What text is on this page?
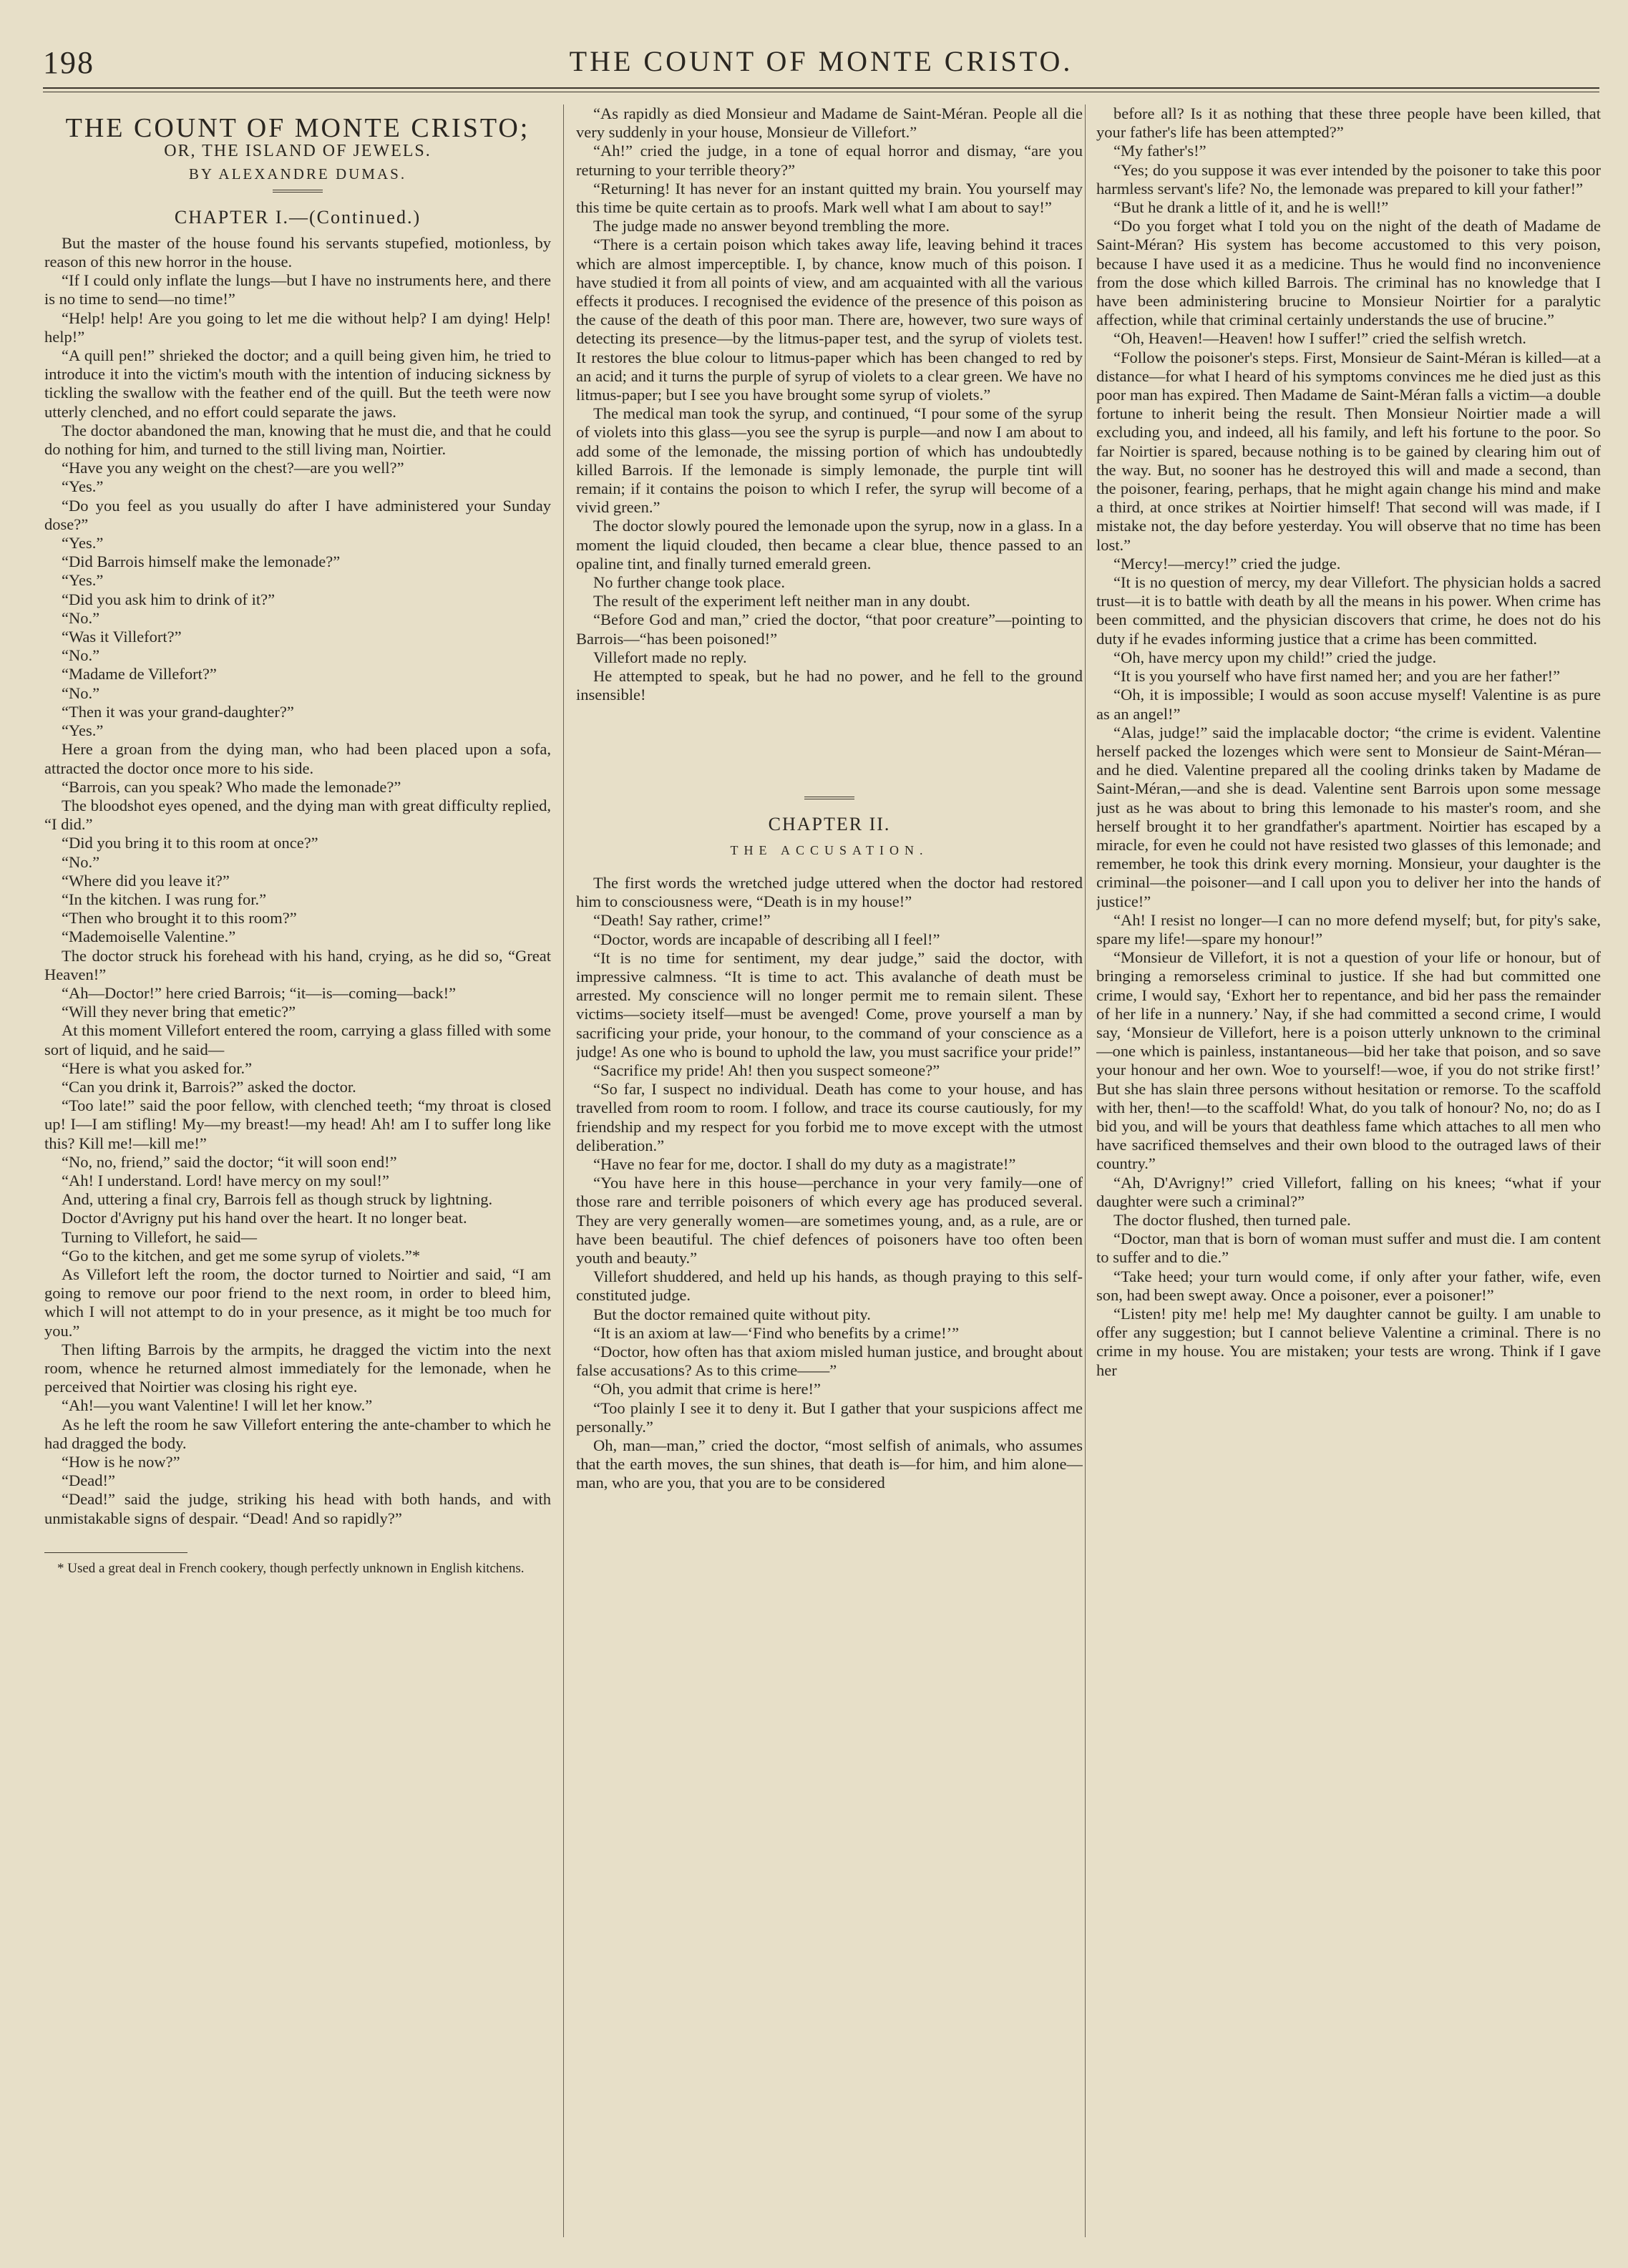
198	THE COUNT OF MONTE CRISTO.
THE COUNT OF MONTE CRISTO;
OR, THE ISLAND OF JEWELS.
BY ALEXANDRE DUMAS.
CHAPTER I.—(Continued.)

But the master of the house found his servants stupefied, motionless, by reason of this new horror in the house.

“If I could only inflate the lungs—but I have no instruments here, and there is no time to send—no time!”

“Help! help! Are you going to let me die without help? I am dying! Help! help!”

“A quill pen!” shrieked the doctor; and a quill being given him, he tried to introduce it into the victim's mouth with the intention of inducing sickness by tickling the swallow with the feather end of the quill. But the teeth were now utterly clenched, and no effort could separate the jaws.

The doctor abandoned the man, knowing that he must die, and that he could do nothing for him, and turned to the still living man, Noirtier.

“Have you any weight on the chest?—are you well?”

“Yes.”

“Do you feel as you usually do after I have administered your Sunday dose?”

“Yes.”

“Did Barrois himself make the lemonade?”

“Yes.”

“Did you ask him to drink of it?”

“No.”

“Was it Villefort?”

“No.”

“Madame de Villefort?”

“No.”

“Then it was your grand-daughter?”

“Yes.”

Here a groan from the dying man, who had been placed upon a sofa, attracted the doctor once more to his side.

“Barrois, can you speak? Who made the lemonade?”

The bloodshot eyes opened, and the dying man with great difficulty replied, “I did.”

“Did you bring it to this room at once?”

“No.”

“Where did you leave it?”

“In the kitchen. I was rung for.”

“Then who brought it to this room?”

“Mademoiselle Valentine.”

The doctor struck his forehead with his hand, crying, as he did so, “Great Heaven!”

“Ah—Doctor!” here cried Barrois; “it—is—coming—back!”

“Will they never bring that emetic?”

At this moment Villefort entered the room, carrying a glass filled with some sort of liquid, and he said—

“Here is what you asked for.”

“Can you drink it, Barrois?” asked the doctor.

“Too late!” said the poor fellow, with clenched teeth; “my throat is closed up! I—I am stifling! My—my breast!—my head! Ah! am I to suffer long like this? Kill me!—kill me!”

“No, no, friend,” said the doctor; “it will soon end!”

“Ah! I understand. Lord! have mercy on my soul!”

And, uttering a final cry, Barrois fell as though struck by lightning.

Doctor d'Avrigny put his hand over the heart. It no longer beat.

Turning to Villefort, he said—

“Go to the kitchen, and get me some syrup of violets.”*

As Villefort left the room, the doctor turned to Noirtier and said, “I am going to remove our poor friend to the next room, in order to bleed him, which I will not attempt to do in your presence, as it might be too much for you.”

Then lifting Barrois by the armpits, he dragged the victim into the next room, whence he returned almost immediately for the lemonade, when he perceived that Noirtier was closing his right eye.

“Ah!—you want Valentine! I will let her know.”

As he left the room he saw Villefort entering the ante-chamber to which he had dragged the body.

“How is he now?”

“Dead!”

“Dead!” said the judge, striking his head with both hands, and with unmistakable signs of despair. “Dead! And so rapidly?”

* Used a great deal in French cookery, though perfectly unknown in English kitchens.

“As rapidly as died Monsieur and Madame de Saint-Méran. People all die very suddenly in your house, Monsieur de Villefort.”

“Ah!” cried the judge, in a tone of equal horror and dismay, “are you returning to your terrible theory?”

“Returning! It has never for an instant quitted my brain. You yourself may this time be quite certain as to proofs. Mark well what I am about to say!”

The judge made no answer beyond trembling the more.

“There is a certain poison which takes away life, leaving behind it traces which are almost imperceptible. I, by chance, know much of this poison. I have studied it from all points of view, and am acquainted with all the various effects it produces. I recognised the evidence of the presence of this poison as the cause of the death of this poor man. There are, however, two sure ways of detecting its presence—by the litmus-paper test, and the syrup of violets test. It restores the blue colour to litmus-paper which has been changed to red by an acid; and it turns the purple of syrup of violets to a clear green. We have no litmus-paper; but I see you have brought some syrup of violets.”

The medical man took the syrup, and continued, “I pour some of the syrup of violets into this glass—you see the syrup is purple—and now I am about to add some of the lemonade, the missing portion of which has undoubtedly killed Barrois. If the lemonade is simply lemonade, the purple tint will remain; if it contains the poison to which I refer, the syrup will become of a vivid green.”

The doctor slowly poured the lemonade upon the syrup, now in a glass. In a moment the liquid clouded, then became a clear blue, thence passed to an opaline tint, and finally turned emerald green.

No further change took place.

The result of the experiment left neither man in any doubt.

“Before God and man,” cried the doctor, “that poor creature”—pointing to Barrois—“has been poisoned!”

Villefort made no reply.

He attempted to speak, but he had no power, and he fell to the ground insensible!

CHAPTER II.
THE ACCUSATION.

The first words the wretched judge uttered when the doctor had restored him to consciousness were, “Death is in my house!”

“Death! Say rather, crime!”

“Doctor, words are incapable of describing all I feel!”

“It is no time for sentiment, my dear judge,” said the doctor, with impressive calmness. “It is time to act. This avalanche of death must be arrested. My conscience will no longer permit me to remain silent. These victims—society itself—must be avenged! Come, prove yourself a man by sacrificing your pride, your honour, to the command of your conscience as a judge! As one who is bound to uphold the law, you must sacrifice your pride!”

“Sacrifice my pride! Ah! then you suspect someone?”

“So far, I suspect no individual. Death has come to your house, and has travelled from room to room. I follow, and trace its course cautiously, for my friendship and my respect for you forbid me to move except with the utmost deliberation.”

“Have no fear for me, doctor. I shall do my duty as a magistrate!”

“You have here in this house—perchance in your very family—one of those rare and terrible poisoners of which every age has produced several. They are very generally women—are sometimes young, and, as a rule, are or have been beautiful. The chief defences of poisoners have too often been youth and beauty.”

Villefort shuddered, and held up his hands, as though praying to this self-constituted judge.

But the doctor remained quite without pity.

“It is an axiom at law—‘Find who benefits by a crime!’”

“Doctor, how often has that axiom misled human justice, and brought about false accusations? As to this crime——”

“Oh, you admit that crime is here!”

“Too plainly I see it to deny it. But I gather that your suspicions affect me personally.”

Oh, man—man,” cried the doctor, “most selfish of animals, who assumes that the earth moves, the sun shines, that death is—for him, and him alone—man, who are you, that you are to be considered

before all? Is it as nothing that these three people have been killed, that your father's life has been attempted?”

“My father's!”

“Yes; do you suppose it was ever intended by the poisoner to take this poor harmless servant's life? No, the lemonade was prepared to kill your father!”

“But he drank a little of it, and he is well!”

“Do you forget what I told you on the night of the death of Madame de Saint-Méran? His system has become accustomed to this very poison, because I have used it as a medicine. Thus he would find no inconvenience from the dose which killed Barrois. The criminal has no knowledge that I have been administering brucine to Monsieur Noirtier for a paralytic affection, while that criminal certainly understands the use of brucine.”

“Oh, Heaven!—Heaven! how I suffer!” cried the selfish wretch.

“Follow the poisoner's steps. First, Monsieur de Saint-Méran is killed—at a distance—for what I heard of his symptoms convinces me he died just as this poor man has expired. Then Madame de Saint-Méran falls a victim—a double fortune to inherit being the result. Then Monsieur Noirtier made a will excluding you, and indeed, all his family, and left his fortune to the poor. So far Noirtier is spared, because nothing is to be gained by clearing him out of the way. But, no sooner has he destroyed this will and made a second, than the poisoner, fearing, perhaps, that he might again change his mind and make a third, at once strikes at Noirtier himself! That second will was made, if I mistake not, the day before yesterday. You will observe that no time has been lost.”

“Mercy!—mercy!” cried the judge.

“It is no question of mercy, my dear Villefort. The physician holds a sacred trust—it is to battle with death by all the means in his power. When crime has been committed, and the physician discovers that crime, he does not do his duty if he evades informing justice that a crime has been committed.

“Oh, have mercy upon my child!” cried the judge.

“It is you yourself who have first named her; and you are her father!”

“Oh, it is impossible; I would as soon accuse myself! Valentine is as pure as an angel!”

“Alas, judge!” said the implacable doctor; “the crime is evident. Valentine herself packed the lozenges which were sent to Monsieur de Saint-Méran—and he died. Valentine prepared all the cooling drinks taken by Madame de Saint-Méran,—and she is dead. Valentine sent Barrois upon some message just as he was about to bring this lemonade to his master's room, and she herself brought it to her grandfather's apartment. Noirtier has escaped by a miracle, for even he could not have resisted two glasses of this lemonade; and remember, he took this drink every morning. Monsieur, your daughter is the criminal—the poisoner—and I call upon you to deliver her into the hands of justice!”

“Ah! I resist no longer—I can no more defend myself; but, for pity's sake, spare my life!—spare my honour!”

“Monsieur de Villefort, it is not a question of your life or honour, but of bringing a remorseless criminal to justice. If she had but committed one crime, I would say, ‘Exhort her to repentance, and bid her pass the remainder of her life in a nunnery.’ Nay, if she had committed a second crime, I would say, ‘Monsieur de Villefort, here is a poison utterly unknown to the criminal—one which is painless, instantaneous—bid her take that poison, and so save your honour and her own. Woe to yourself!—woe, if you do not strike first!’ But she has slain three persons without hesitation or remorse. To the scaffold with her, then!—to the scaffold! What, do you talk of honour? No, no; do as I bid you, and will be yours that deathless fame which attaches to all men who have sacrificed themselves and their own blood to the outraged laws of their country.”

“Ah, D'Avrigny!” cried Villefort, falling on his knees; “what if your daughter were such a criminal?”

The doctor flushed, then turned pale.

“Doctor, man that is born of woman must suffer and must die. I am content to suffer and to die.”

“Take heed; your turn would come, if only after your father, wife, even son, had been swept away. Once a poisoner, ever a poisoner!”

“Listen! pity me! help me! My daughter cannot be guilty. I am unable to offer any suggestion; but I cannot believe Valentine a criminal. There is no crime in my house. You are mistaken; your tests are wrong. Think if I gave her
